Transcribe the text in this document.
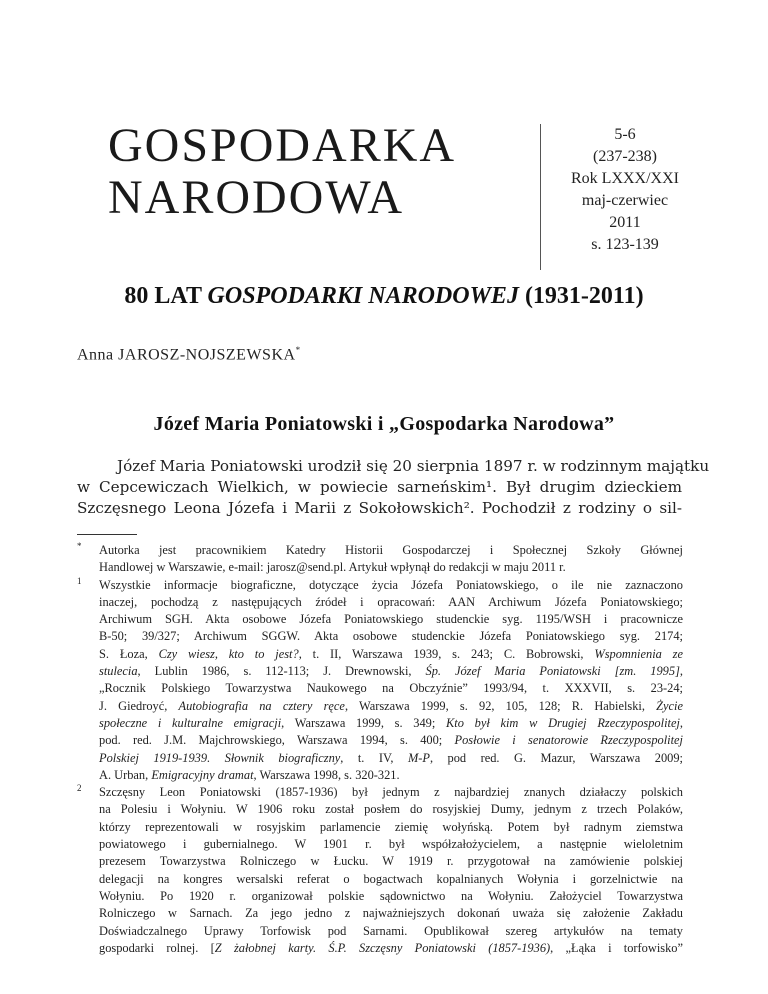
GOSPODARKA
NARODOWA
5-6
(237-238)
Rok LXXX/XXI
maj-czerwiec
2011
s. 123-139
80 LAT GOSPODARKI NARODOWEJ (1931-2011)
Anna JAROSZ-NOJSZEWSKA*
Józef Maria Poniatowski i „Gospodarka Narodowa”
Józef Maria Poniatowski urodził się 20 sierpnia 1897 r. w rodzinnym majątku
w Cepcewiczach Wielkich, w powiecie sarneńskim¹. Był drugim dzieckiem
Szczęsnego Leona Józefa i Marii z Sokołowskich². Pochodził z rodziny o sil-
* Autorka jest pracownikiem Katedry Historii Gospodarczej i Społecznej Szkoły Głównej
Handlowej w Warszawie, e-mail: jarosz@send.pl. Artykuł wpłynął do redakcji w maju 2011 r.
1 Wszystkie informacje biograficzne, dotyczące życia Józefa Poniatowskiego, o ile nie zaznaczono
inaczej, pochodzą z następujących źródeł i opracowań: AAN Archiwum Józefa Poniatowskiego;
Archiwum SGH. Akta osobowe Józefa Poniatowskiego studenckie syg. 1195/WSH i pracownicze
B-50; 39/327; Archiwum SGGW. Akta osobowe studenckie Józefa Poniatowskiego syg. 2174;
S. Łoza, Czy wiesz, kto to jest?, t. II, Warszawa 1939, s. 243; C. Bobrowski, Wspomnienia ze
stulecia, Lublin 1986, s. 112-113; J. Drewnowski, Śp. Józef Maria Poniatowski [zm. 1995],
„Rocznik Polskiego Towarzystwa Naukowego na Obczyźnie” 1993/94, t. XXXVII, s. 23-24;
J. Giedroyć, Autobiografia na cztery ręce, Warszawa 1999, s. 92, 105, 128; R. Habielski, Życie
społeczne i kulturalne emigracji, Warszawa 1999, s. 349; Kto był kim w Drugiej Rzeczypospolitej,
pod. red. J.M. Majchrowskiego, Warszawa 1994, s. 400; Posłowie i senatorowie Rzeczypospolitej
Polskiej 1919-1939. Słownik biograficzny, t. IV, M-P, pod red. G. Mazur, Warszawa 2009;
A. Urban, Emigracyjny dramat, Warszawa 1998, s. 320-321.
2 Szczęsny Leon Poniatowski (1857-1936) był jednym z najbardziej znanych działaczy polskich
na Polesiu i Wołyniu. W 1906 roku został posłem do rosyjskiej Dumy, jednym z trzech Polaków,
którzy reprezentowali w rosyjskim parlamencie ziemię wołyńską. Potem był radnym ziemstwa
powiatowego i gubernialnego. W 1901 r. był współzałożycielem, a następnie wieloletnim
prezesem Towarzystwa Rolniczego w Łucku. W 1919 r. przygotował na zamówienie polskiej
delegacji na kongres wersalski referat o bogactwach kopalnianych Wołynia i gorzelnictwie na
Wołyniu. Po 1920 r. organizował polskie sądownictwo na Wołyniu. Założyciel Towarzystwa
Rolniczego w Sarnach. Za jego jedno z najważniejszych dokonań uważa się założenie Zakładu
Doświadczalnego Uprawy Torfowisk pod Sarnami. Opublikował szereg artykułów na tematy
gospodarki rolnej. [Z żałobnej karty. Ś.P. Szczęsny Poniatowski (1857-1936), „Łąka i torfowisko”
